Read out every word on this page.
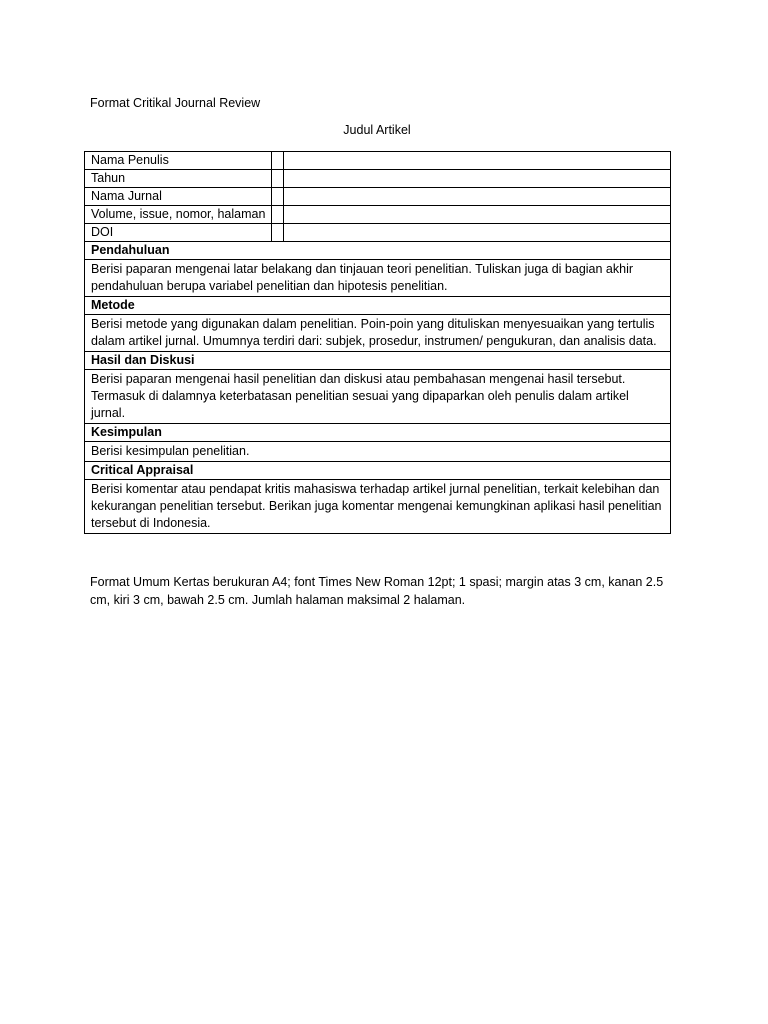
Format Critikal Journal Review
Judul Artikel
Nama Penulis		
Tahun		
Nama Jurnal		
Volume, issue, nomor, halaman		
DOI		
Pendahuluan		
Berisi paparan mengenai latar belakang dan tinjauan teori penelitian. Tuliskan juga di bagian akhir pendahuluan berupa variabel penelitian dan hipotesis penelitian.		
Metode		
Berisi metode yang digunakan dalam penelitian. Poin-poin yang dituliskan menyesuaikan yang tertulis dalam artikel jurnal. Umumnya terdiri dari: subjek, prosedur, instrumen/ pengukuran, dan analisis data.		
Hasil dan Diskusi		
Berisi paparan mengenai hasil penelitian dan diskusi atau pembahasan mengenai hasil tersebut. Termasuk di dalamnya keterbatasan penelitian sesuai yang dipaparkan oleh penulis dalam artikel jurnal.		
Kesimpulan		
Berisi kesimpulan penelitian.		
Critical Appraisal		
Berisi komentar atau pendapat kritis mahasiswa terhadap artikel jurnal penelitian, terkait kelebihan dan kekurangan penelitian tersebut. Berikan juga komentar mengenai kemungkinan aplikasi hasil penelitian tersebut di Indonesia.		
Format Umum Kertas berukuran A4; font Times New Roman 12pt; 1 spasi; margin atas 3 cm, kanan 2.5 cm, kiri 3 cm, bawah 2.5 cm. Jumlah halaman maksimal 2 halaman.
